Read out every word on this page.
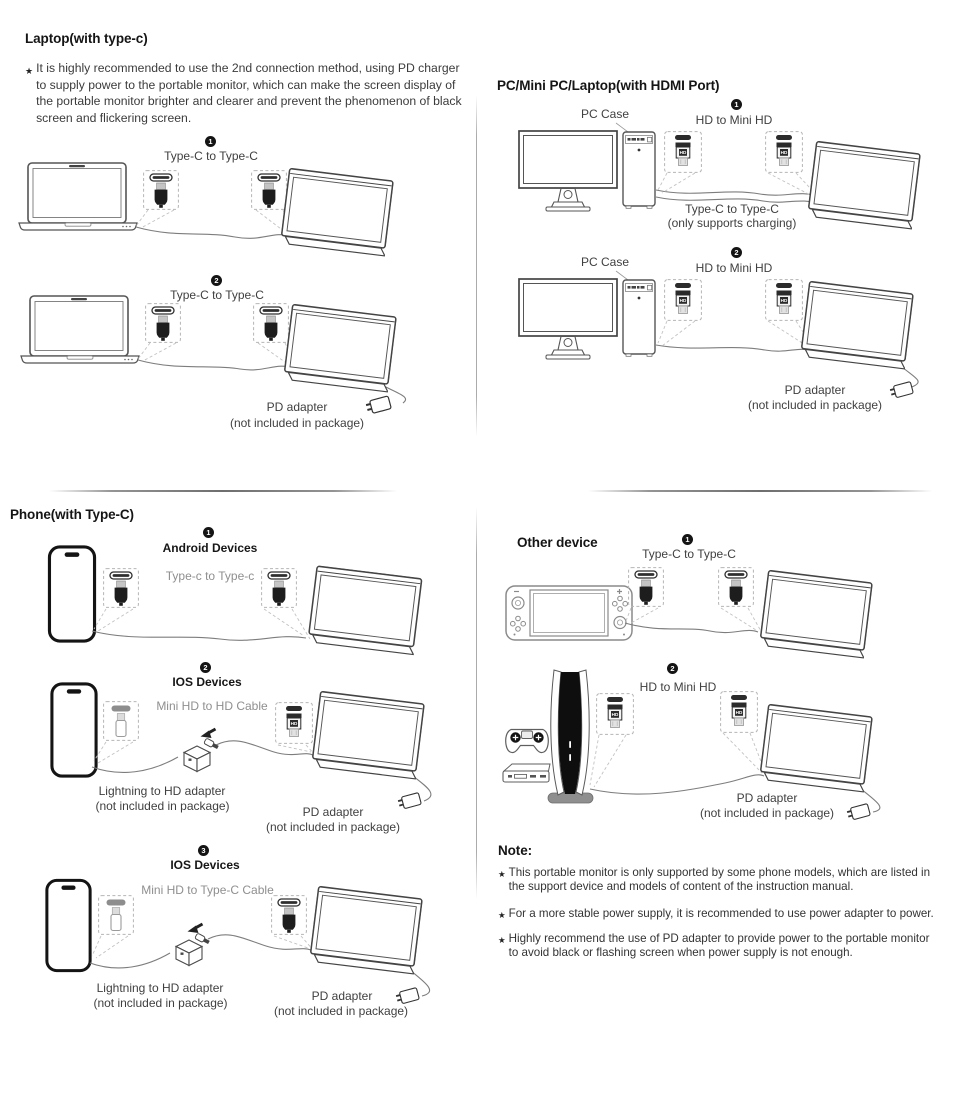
Laptop(with type-c)
★ It is highly recommended to use the 2nd connection method, using PD charger
to supply power to the portable monitor, which can make the screen display of
the portable monitor brighter and clearer and prevent the phenomenon of black
screen and flickering screen.
1
Type-C to Type-C
2
Type-C to Type-C
PD adapter
(not included in package)
PC/Mini PC/Laptop(with HDMI Port)
PC Case
1
HD to Mini HD
Type-C to Type-C
(only supports charging)
PC Case
2
HD to Mini HD
PD adapter
(not included in package)
Phone(with Type-C)
1
Android Devices
Type-c to Type-c
2
IOS Devices
Mini HD to HD Cable
Lightning to HD adapter
(not included in package)	PD adapter
(not included in package)
3
IOS Devices
Mini HD to Type-C Cable
Lightning to HD adapter
(not included in package)	PD adapter
(not included in package)
Other device	1
Type-C to Type-C
2
HD to Mini HD
PD adapter
(not included in package)
Note:
★ This portable monitor is only supported by some phone models, which are listed in
the support device and models of content of the instruction manual.
★ For a more stable power supply, it is recommended to use power adapter to power.
★ Highly recommend the use of PD adapter to provide power to the portable monitor
to avoid black or flashing screen when power supply is not enough.
